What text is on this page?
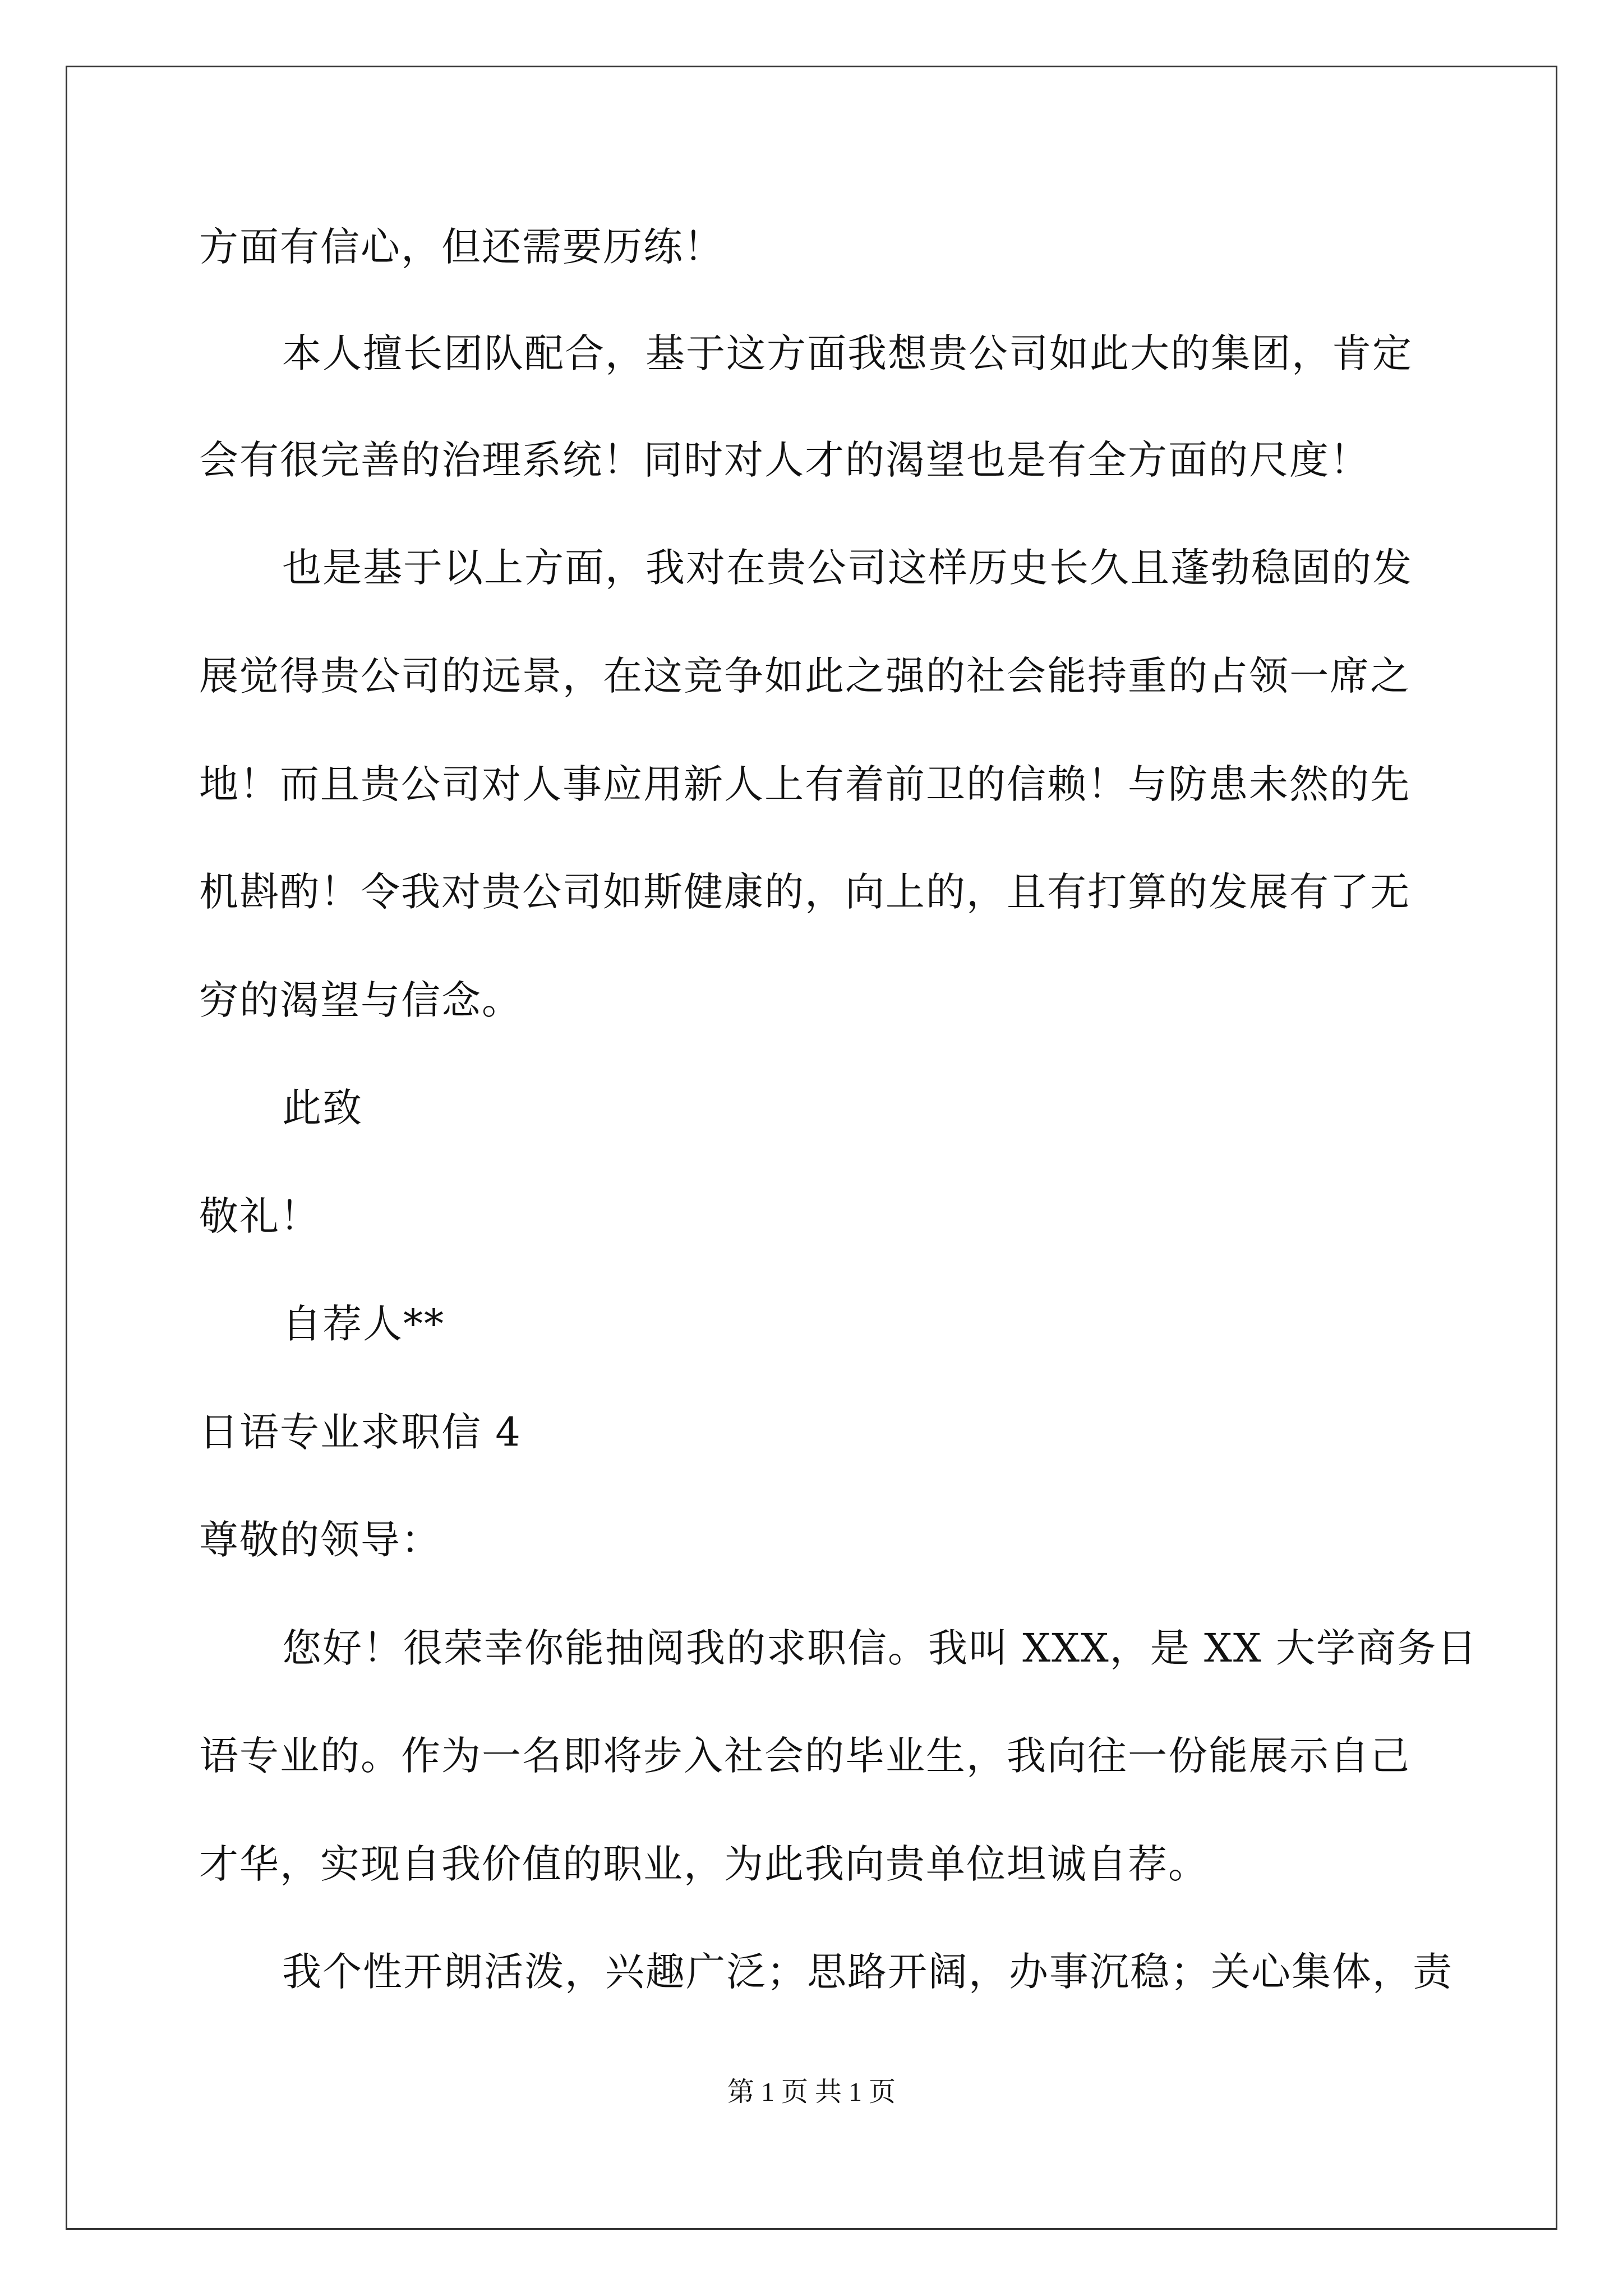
方面有信心，但还需要历练！
本人擅长团队配合，基于这方面我想贵公司如此大的集团，肯定
会有很完善的治理系统！同时对人才的渴望也是有全方面的尺度！
也是基于以上方面，我对在贵公司这样历史长久且蓬勃稳固的发
展觉得贵公司的远景，在这竞争如此之强的社会能持重的占领一席之
地！而且贵公司对人事应用新人上有着前卫的信赖！与防患未然的先
机斟酌！令我对贵公司如斯健康的，向上的，且有打算的发展有了无
穷的渴望与信念。
此致
敬礼！
自荐人**
日语专业求职信 4
尊敬的领导：
您好！很荣幸你能抽阅我的求职信。我叫 XXX，是 XX 大学商务日
语专业的。作为一名即将步入社会的毕业生，我向往一份能展示自己
才华，实现自我价值的职业，为此我向贵单位坦诚自荐。
我个性开朗活泼，兴趣广泛；思路开阔，办事沉稳；关心集体，责
第 1 页 共 1 页
